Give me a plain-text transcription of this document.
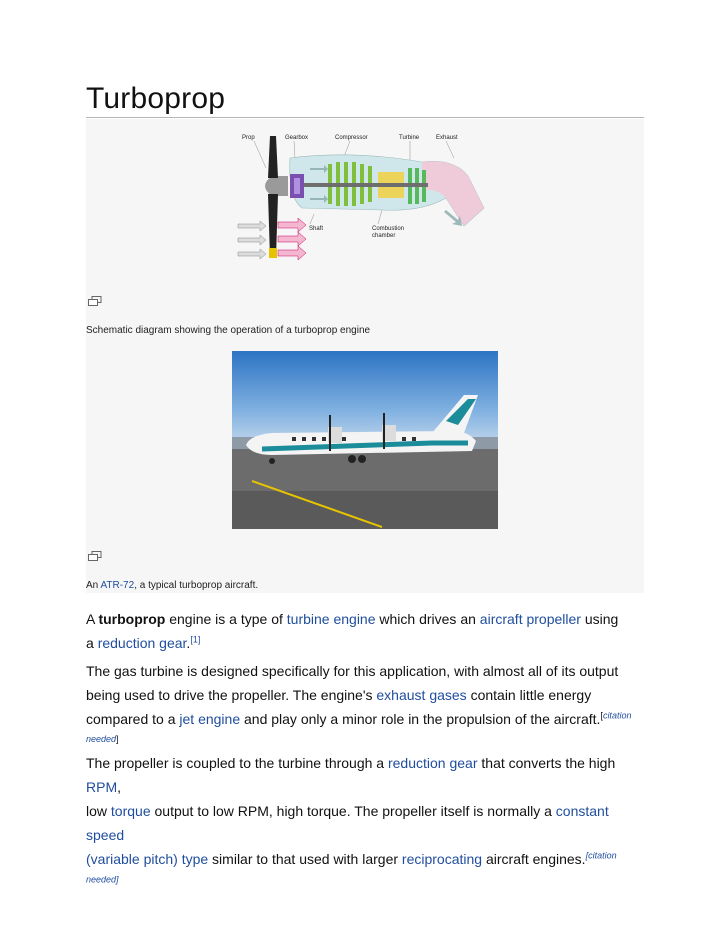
Turboprop
Prop	Gearbox	Compressor	Turbine	Exhaust
Shaft	Combustion
chamber
Schematic diagram showing the operation of a turboprop engine
An ATR-72, a typical turboprop aircraft.
A turboprop engine is a type of turbine engine which drives an aircraft propeller using
a reduction gear.[1]
The gas turbine is designed specifically for this application, with almost all of its output
being used to drive the propeller. The engine's exhaust gases contain little energy
compared to a jet engine and play only a minor role in the propulsion of the aircraft.$^{[citation}$
$^{needed]}$
The propeller is coupled to the turbine through a reduction gear that converts the high RPM,
low torque output to low RPM, high torque. The propeller itself is normally a constant speed
(variable pitch) type similar to that used with larger reciprocating aircraft engines.[citation needed]
